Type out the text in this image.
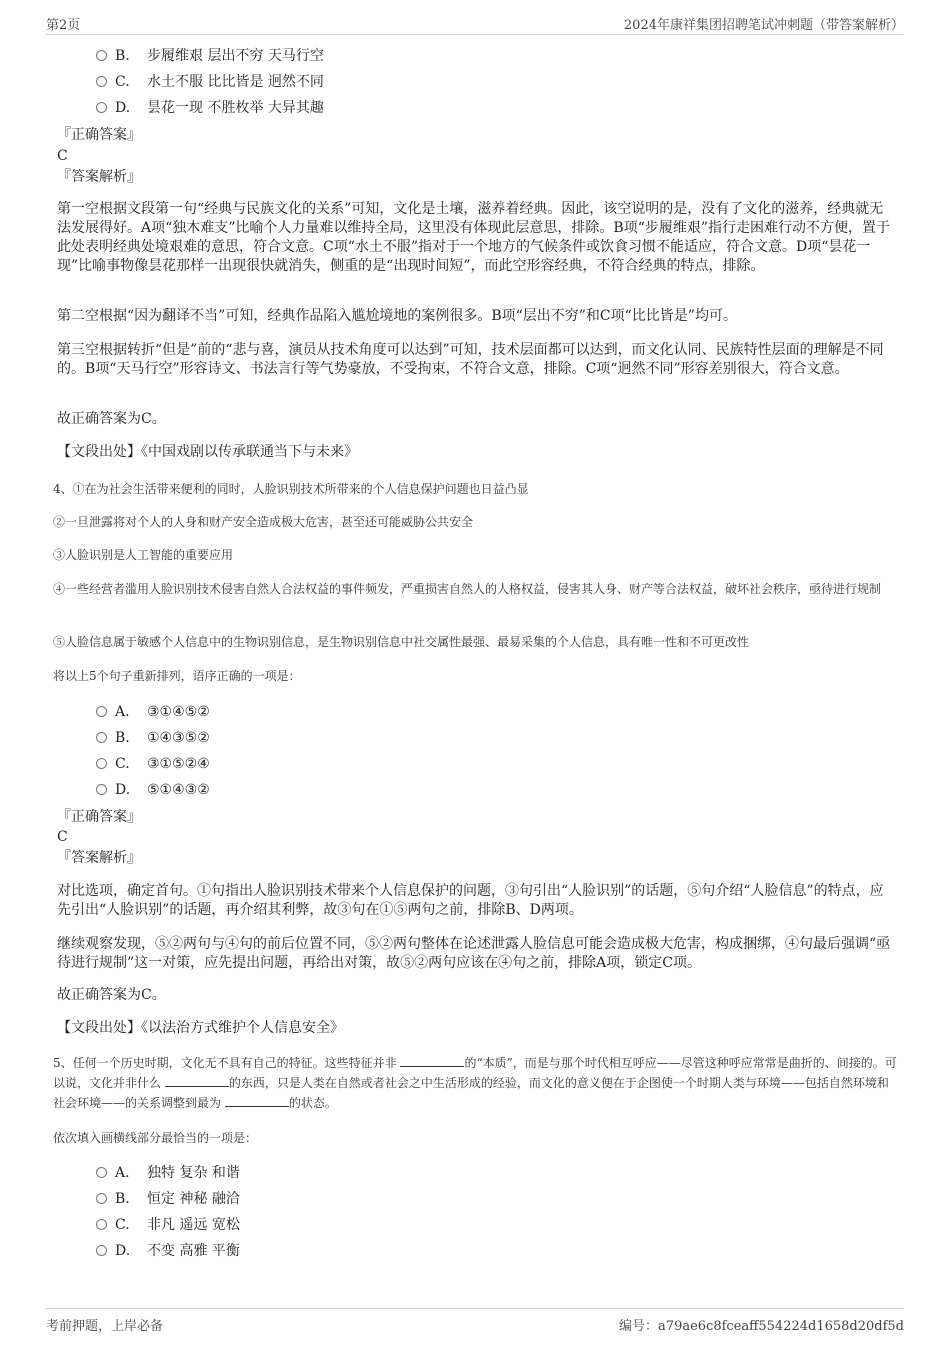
第2页	2024年康祥集团招聘笔试冲刺题（带答案解析）
B. 步履维艰 层出不穷 天马行空
C. 水土不服 比比皆是 迥然不同
D. 昙花一现 不胜枚举 大异其趣
『正确答案』
C
『答案解析』
第一空根据文段第一句“经典与民族文化的关系”可知，文化是土壤，滋养着经典。因此，该空说明的是，没有了文化的滋养，经典就无法发展得好。A项“独木难支”比喻个人力量难以维持全局，这里没有体现此层意思，排除。B项“步履维艰”指行走困难行动不方便，置于此处表明经典处境艰难的意思，符合文意。C项“水土不服”指对于一个地方的气候条件或饮食习惯不能适应，符合文意。D项“昙花一现”比喻事物像昙花那样一出现很快就消失，侧重的是“出现时间短”，而此空形容经典，不符合经典的特点，排除。
第二空根据“因为翻译不当”可知，经典作品陷入尴尬境地的案例很多。B项“层出不穷”和C项“比比皆是”均可。
第三空根据转折“但是”前的“悲与喜，演员从技术角度可以达到”可知，技术层面都可以达到，而文化认同、民族特性层面的理解是不同的。B项“天马行空”形容诗文、书法言行等气势豪放，不受拘束，不符合文意，排除。C项“迥然不同”形容差别很大，符合文意。
故正确答案为C。
【文段出处】《中国戏剧以传承联通当下与未来》
4、①在为社会生活带来便利的同时，人脸识别技术所带来的个人信息保护问题也日益凸显
②一旦泄露将对个人的人身和财产安全造成极大危害，甚至还可能威胁公共安全
③人脸识别是人工智能的重要应用
④一些经营者滥用人脸识别技术侵害自然人合法权益的事件频发，严重损害自然人的人格权益，侵害其人身、财产等合法权益，破坏社会秩序，亟待进行规制
⑤人脸信息属于敏感个人信息中的生物识别信息，是生物识别信息中社交属性最强、最易采集的个人信息，具有唯一性和不可更改性
将以上5个句子重新排列，语序正确的一项是：
A. ③①④⑤②
B. ①④③⑤②
C. ③①⑤②④
D. ⑤①④③②
『正确答案』
C
『答案解析』
对比选项，确定首句。①句指出人脸识别技术带来个人信息保护的问题，③句引出“人脸识别”的话题，⑤句介绍“人脸信息”的特点，应先引出“人脸识别”的话题，再介绍其利弊，故③句在①⑤两句之前，排除B、D两项。
继续观察发现，⑤②两句与④句的前后位置不同，⑤②两句整体在论述泄露人脸信息可能会造成极大危害，构成捆绑，④句最后强调“亟待进行规制”这一对策，应先提出问题，再给出对策，故⑤②两句应该在④句之前，排除A项，锁定C项。
故正确答案为C。
【文段出处】《以法治方式维护个人信息安全》
5、任何一个历史时期，文化无不具有自己的特征。这些特征并非	的“本质”，而是与那个时代相互呼应——尽管这种呼应常常是曲折的、间接的。可以说，文化并非什么	的东西，只是人类在自然或者社会之中生活形成的经验，而文化的意义便在于企图使一个时期人类与环境——包括自然环境和社会环境——的关系调整到最为	的状态。
依次填入画横线部分最恰当的一项是：
A. 独特 复杂 和谐
B. 恒定 神秘 融洽
C. 非凡 遥远 宽松
D. 不变 高雅 平衡
考前押题，上岸必备	编号：a79ae6c8fceaff554224d1658d20df5d
